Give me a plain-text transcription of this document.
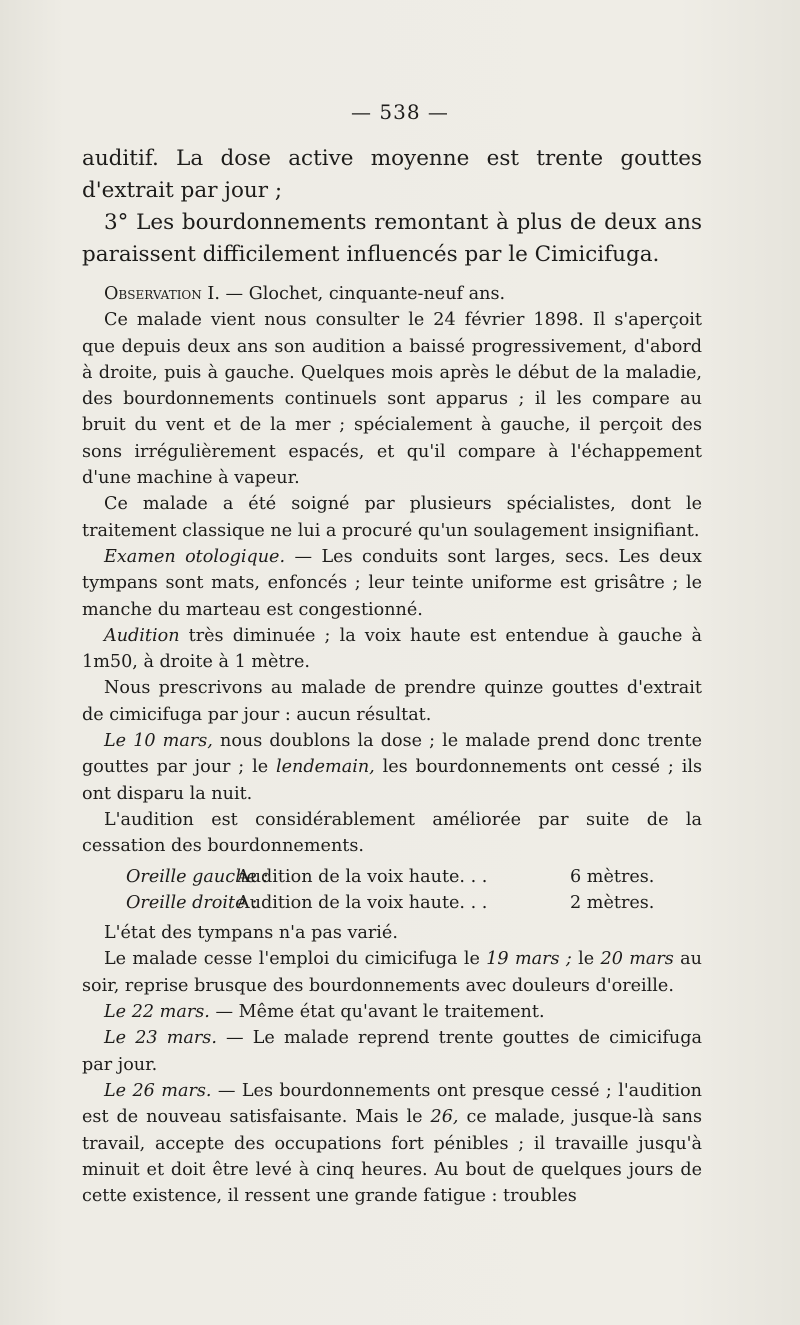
— 538 —

auditif. La dose active moyenne est trente gouttes d'extrait par jour ;

3° Les bourdonnements remontant à plus de deux ans paraissent difficilement influencés par le Cimicifuga.

Observation I. — Glochet, cinquante-neuf ans.

Ce malade vient nous consulter le 24 février 1898. Il s'aperçoit que depuis deux ans son audition a baissé progressivement, d'abord à droite, puis à gauche. Quelques mois après le début de la maladie, des bourdonnements continuels sont apparus ; il les compare au bruit du vent et de la mer ; spécialement à gauche, il perçoit des sons irrégulièrement espacés, et qu'il compare à l'échappement d'une machine à vapeur.

Ce malade a été soigné par plusieurs spécialistes, dont le traitement classique ne lui a procuré qu'un soulagement insignifiant.

Examen otologique. — Les conduits sont larges, secs. Les deux tympans sont mats, enfoncés ; leur teinte uniforme est grisâtre ; le manche du marteau est congestionné.

Audition très diminuée ; la voix haute est entendue à gauche à 1m50, à droite à 1 mètre.

Nous prescrivons au malade de prendre quinze gouttes d'extrait de cimicifuga par jour : aucun résultat.

Le 10 mars, nous doublons la dose ; le malade prend donc trente gouttes par jour ; le lendemain, les bourdonnements ont cessé ; ils ont disparu la nuit.

L'audition est considérablement améliorée par suite de la cessation des bourdonnements.

Oreille gauche :
Audition de la voix haute. . .	6 mètres.
Oreille droite :
Audition de la voix haute. . .	2 mètres.

L'état des tympans n'a pas varié.

Le malade cesse l'emploi du cimicifuga le 19 mars ; le 20 mars au soir, reprise brusque des bourdonnements avec douleurs d'oreille.

Le 22 mars. — Même état qu'avant le traitement.

Le 23 mars. — Le malade reprend trente gouttes de cimicifuga par jour.

Le 26 mars. — Les bourdonnements ont presque cessé ; l'audition est de nouveau satisfaisante. Mais le 26, ce malade, jusque-là sans travail, accepte des occupations fort pénibles ; il travaille jusqu'à minuit et doit être levé à cinq heures. Au bout de quelques jours de cette existence, il ressent une grande fatigue : troubles
